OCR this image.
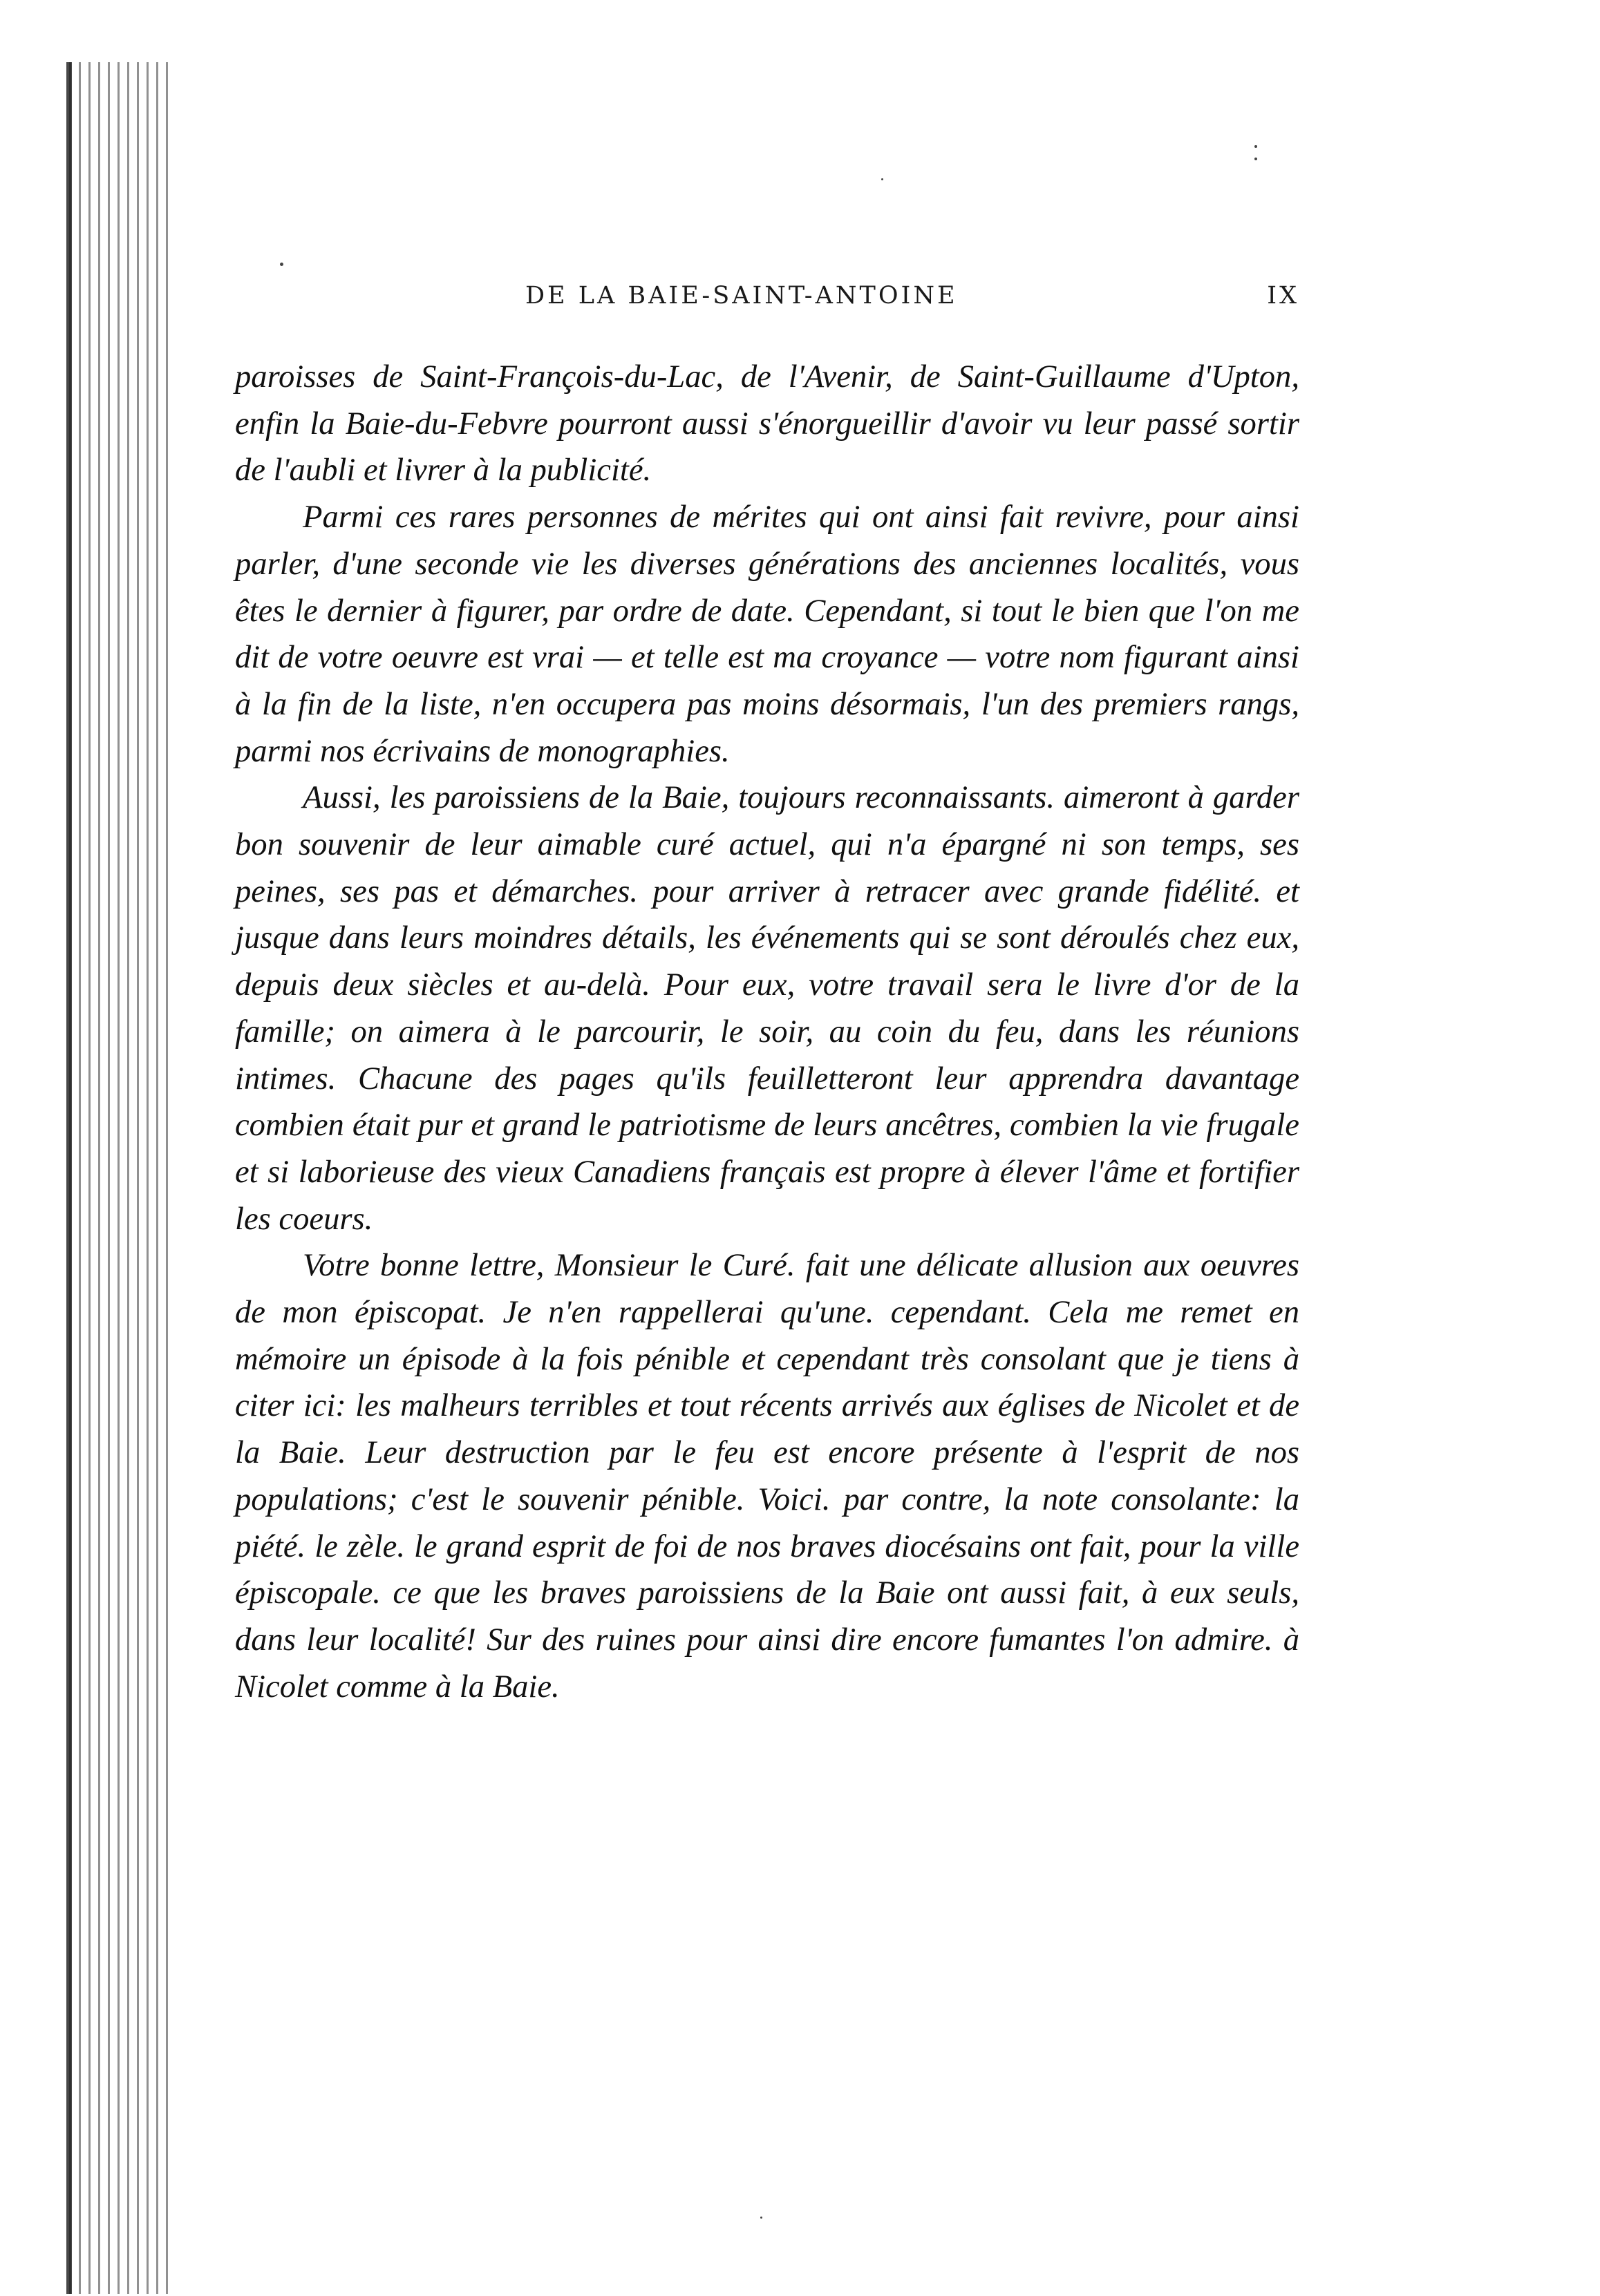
DE LA BAIE-SAINT-ANTOINE	IX

paroisses de Saint-François-du-Lac, de l'Avenir, de Saint-Guillaume d'Upton, enfin la Baie-du-Febvre pourront aussi s'énorgueillir d'avoir vu leur passé sortir de l'aubli et livrer à la publicité.

Parmi ces rares personnes de mérites qui ont ainsi fait revivre, pour ainsi parler, d'une seconde vie les diverses générations des anciennes localités, vous êtes le dernier à figurer, par ordre de date. Cependant, si tout le bien que l'on me dit de votre oeuvre est vrai — et telle est ma croyance — votre nom figurant ainsi à la fin de la liste, n'en occupera pas moins désormais, l'un des premiers rangs, parmi nos écrivains de monographies.

Aussi, les paroissiens de la Baie, toujours reconnaissants. aimeront à garder bon souvenir de leur aimable curé actuel, qui n'a épargné ni son temps, ses peines, ses pas et démarches. pour arriver à retracer avec grande fidélité. et jusque dans leurs moindres détails, les événements qui se sont déroulés chez eux, depuis deux siècles et au-delà. Pour eux, votre travail sera le livre d'or de la famille; on aimera à le parcourir, le soir, au coin du feu, dans les réunions intimes. Chacune des pages qu'ils feuilletteront leur apprendra davantage combien était pur et grand le patriotisme de leurs ancêtres, combien la vie frugale et si laborieuse des vieux Canadiens français est propre à élever l'âme et fortifier les coeurs.

Votre bonne lettre, Monsieur le Curé. fait une délicate allusion aux oeuvres de mon épiscopat. Je n'en rappellerai qu'une. cependant. Cela me remet en mémoire un épisode à la fois pénible et cependant très consolant que je tiens à citer ici: les malheurs terribles et tout récents arrivés aux églises de Nicolet et de la Baie. Leur destruction par le feu est encore présente à l'esprit de nos populations; c'est le souvenir pénible. Voici. par contre, la note consolante: la piété. le zèle. le grand esprit de foi de nos braves diocésains ont fait, pour la ville épiscopale. ce que les braves paroissiens de la Baie ont aussi fait, à eux seuls, dans leur localité! Sur des ruines pour ainsi dire encore fumantes l'on admire. à Nicolet comme à la Baie.
